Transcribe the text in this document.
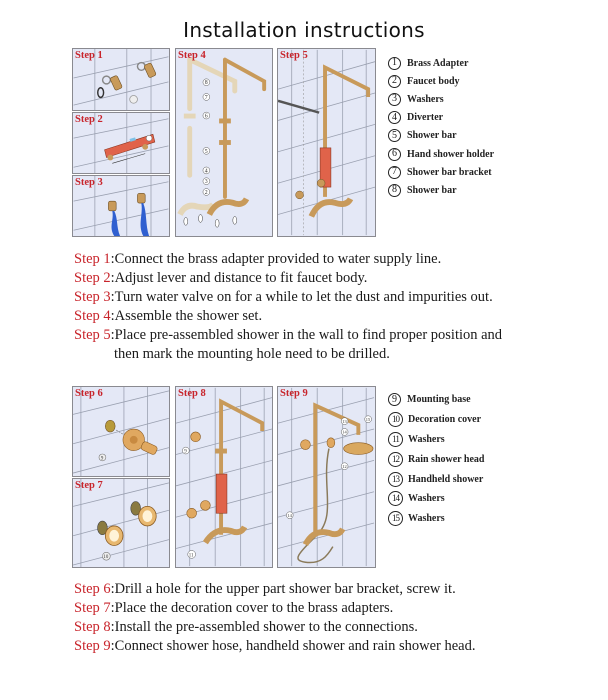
Installation instructions
Step 1
Step 2
Step 3
Step 4
8
7
6
5
4
3
2
Step 5
1	Brass Adapter
2	Faucet body
3	Washers
4	Diverter
5	Shower bar
6	Hand shower holder
7	Shower bar bracket
8	Shower bar
Step 1:Connect the brass adapter provided to water supply line.
Step 2:Adjust lever and distance to fit faucet body.
Step 3:Turn water valve on for a while to let the dust and impurities out.
Step 4:Assemble the shower set.
Step 5:Place pre-assembled shower in the wall to find proper position and
then mark the mounting hole need to be drilled.
Step 6
9
Step 7
10
Step 8
9
11
Step 9
13
14
15
12
14
9	Mounting base
10 Decoration cover
11 Washers
12 Rain shower head
13 Handheld shower
14 Washers
15 Washers
Step 6:Drill a hole for the upper part shower bar bracket, screw it.
Step 7:Place the decoration cover to the brass adapters.
Step 8:Install the pre-assembled shower to the connections.
Step 9:Connect shower hose, handheld shower and rain shower head.
